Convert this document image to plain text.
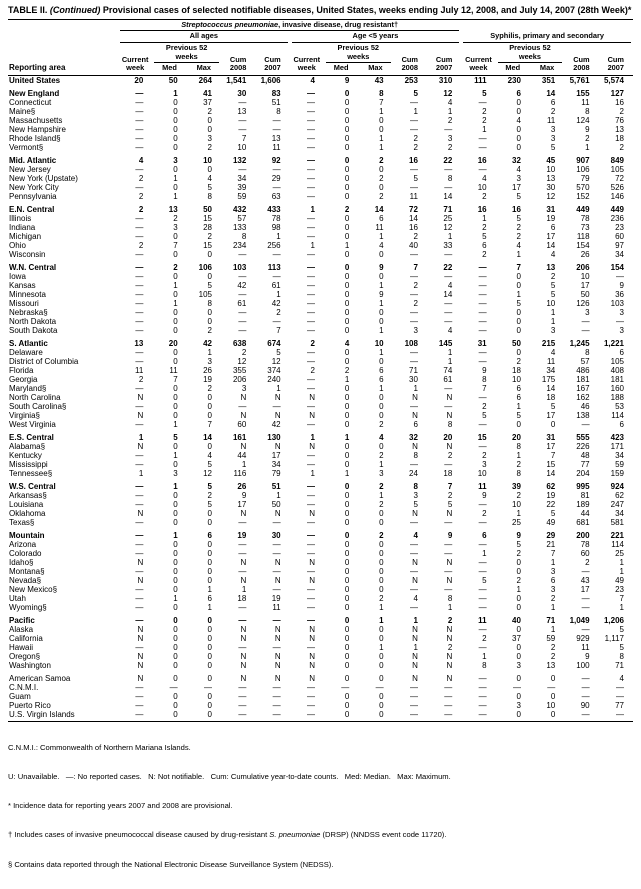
TABLE II. (Continued) Provisional cases of selected notifiable diseases, United States, weeks ending July 12, 2008, and July 14, 2007 (28th Week)*
Reporting area	Streptococcus pneumoniae, invasive disease, drug resistant†										Syphilis, primary and secondary				

	All ages					Age <5 years									

	Current week	Previous 52 weeks		Cum 2008	Cum 2007	Current week	Previous 52 weeks		Cum 2008	Cum 2007	Current week	Previous 52 weeks		Cum 2008	Cum 2007
		Med	Max				Med	Max				Med	Max		
United States	20	50	264	1,541	1,606	4	9	43	253	310	111	230	351	5,761	5,574
New England	—	1	41	30	83	—	0	8	5	12	5	6	14	155	127
Connecticut	—	0	37	—	51	—	0	7	—	4	—	0	6	11	16
Maine§	—	0	2	13	8	—	0	1	1	1	2	0	2	8	2
Massachusetts	—	0	0	—	—	—	0	0	—	2	2	4	11	124	76
New Hampshire	—	0	0	—	—	—	0	0	—	—	1	0	3	9	13
Rhode Island§	—	0	3	7	13	—	0	1	2	3	—	0	3	2	18
Vermont§	—	0	2	10	11	—	0	1	2	2	—	0	5	1	2
Mid. Atlantic	4	3	10	132	92	—	0	2	16	22	16	32	45	907	849
New Jersey	—	0	0	—	—	—	0	0	—	—	—	4	10	106	105
New York (Upstate)	2	1	4	34	29	—	0	2	5	8	4	3	13	79	72
New York City	—	0	5	39	—	—	0	0	—	—	10	17	30	570	526
Pennsylvania	2	1	8	59	63	—	0	2	11	14	2	5	12	152	146
E.N. Central	2	13	50	432	433	1	2	14	72	71	16	16	31	449	449
Illinois	—	2	15	57	78	—	0	6	14	25	1	5	19	78	236
Indiana	—	3	28	133	98	—	0	11	16	12	2	2	6	73	23
Michigan	—	0	2	8	1	—	0	1	2	1	5	2	17	118	60
Ohio	2	7	15	234	256	1	1	4	40	33	6	4	14	154	97
Wisconsin	—	0	0	—	—	—	0	0	—	—	2	1	4	26	34
W.N. Central	—	2	106	103	113	—	0	9	7	22	—	7	13	206	154
Iowa	—	0	0	—	—	—	0	0	—	—	—	0	2	10	—
Kansas	—	1	5	42	61	—	0	1	2	4	—	0	5	17	9
Minnesota	—	0	105	—	1	—	0	9	—	14	—	1	5	50	36
Missouri	—	1	8	61	42	—	0	1	2	—	—	5	10	126	103
Nebraska§	—	0	0	—	2	—	0	0	—	—	—	0	1	3	3
North Dakota	—	0	0	—	—	—	0	0	—	—	—	0	1	—	—
South Dakota	—	0	2	—	7	—	0	1	3	4	—	0	3	—	3
S. Atlantic	13	20	42	638	674	2	4	10	108	145	31	50	215	1,245	1,221
Delaware	—	0	1	2	5	—	0	1	—	1	—	0	4	8	6
District of Columbia	—	0	3	12	12	—	0	0	—	1	—	2	11	57	105
Florida	11	11	26	355	374	2	2	6	71	74	9	18	34	486	408
Georgia	2	7	19	206	240	—	1	6	30	61	8	10	175	181	181
Maryland§	—	0	2	3	1	—	0	1	1	—	7	6	14	167	160
North Carolina	N	0	0	N	N	N	0	0	N	N	—	6	18	162	188
South Carolina§	—	0	0	—	—	—	0	0	—	—	2	1	5	46	53
Virginia§	N	0	0	N	N	N	0	0	N	N	5	5	17	138	114
West Virginia	—	1	7	60	42	—	0	2	6	8	—	0	0	—	6
E.S. Central	1	5	14	161	130	1	1	4	32	20	15	20	31	555	423
Alabama§	N	0	0	N	N	N	0	0	N	N	—	8	17	226	171
Kentucky	—	1	4	44	17	—	0	2	8	2	2	1	7	48	34
Mississippi	—	0	5	1	34	—	0	1	—	—	3	2	15	77	59
Tennessee§	1	3	12	116	79	1	1	3	24	18	10	8	14	204	159
W.S. Central	—	1	5	26	51	—	0	2	8	7	11	39	62	995	924
Arkansas§	—	0	2	9	1	—	0	1	3	2	9	2	19	81	62
Louisiana	—	0	5	17	50	—	0	2	5	5	—	10	22	189	247
Oklahoma	N	0	0	N	N	N	0	0	N	N	2	1	5	44	34
Texas§	—	0	0	—	—	—	0	0	—	—	—	25	49	681	581
Mountain	—	1	6	19	30	—	0	2	4	9	6	9	29	200	221
Arizona	—	0	0	—	—	—	0	0	—	—	—	5	21	78	114
Colorado	—	0	0	—	—	—	0	0	—	—	1	2	7	60	25
Idaho§	N	0	0	N	N	N	0	0	N	N	—	0	1	2	1
Montana§	—	0	0	—	—	—	0	0	—	—	—	0	3	—	1
Nevada§	N	0	0	N	N	N	0	0	N	N	5	2	6	43	49
New Mexico§	—	0	1	1	—	—	0	0	—	—	—	1	3	17	23
Utah	—	1	6	18	19	—	0	2	4	8	—	0	2	—	7
Wyoming§	—	0	1	—	11	—	0	1	—	1	—	0	1	—	1
Pacific	—	0	0	—	—	—	0	1	1	2	11	40	71	1,049	1,206
Alaska	N	0	0	N	N	N	0	0	N	N	—	0	1	—	5
California	N	0	0	N	N	N	0	0	N	N	2	37	59	929	1,117
Hawaii	—	0	0	—	—	—	0	1	1	2	—	0	2	11	5
Oregon§	N	0	0	N	N	N	0	0	N	N	1	0	2	9	8
Washington	N	0	0	N	N	N	0	0	N	N	8	3	13	100	71
American Samoa	N	0	0	N	N	N	0	0	N	N	—	0	0	—	4
C.N.M.I.	—	—	—	—	—	—	—	—	—	—	—	—	—	—	—
Guam	—	0	0	—	—	—	0	0	—	—	—	0	0	—	—
Puerto Rico	—	0	0	—	—	—	0	0	—	—	—	3	10	90	77
U.S. Virgin Islands	—	0	0	—	—	—	0	0	—	—	—	0	0	—	—

C.N.M.I.: Commonwealth of Northern Mariana Islands.

U: Unavailable.   —: No reported cases.   N: Not notifiable.   Cum: Cumulative year-to-date counts.   Med: Median.   Max: Maximum.

* Incidence data for reporting years 2007 and 2008 are provisional.

† Includes cases of invasive pneumococcal disease caused by drug-resistant S. pneumoniae (DRSP) (NNDSS event code 11720).

§ Contains data reported through the National Electronic Disease Surveillance System (NEDSS).
